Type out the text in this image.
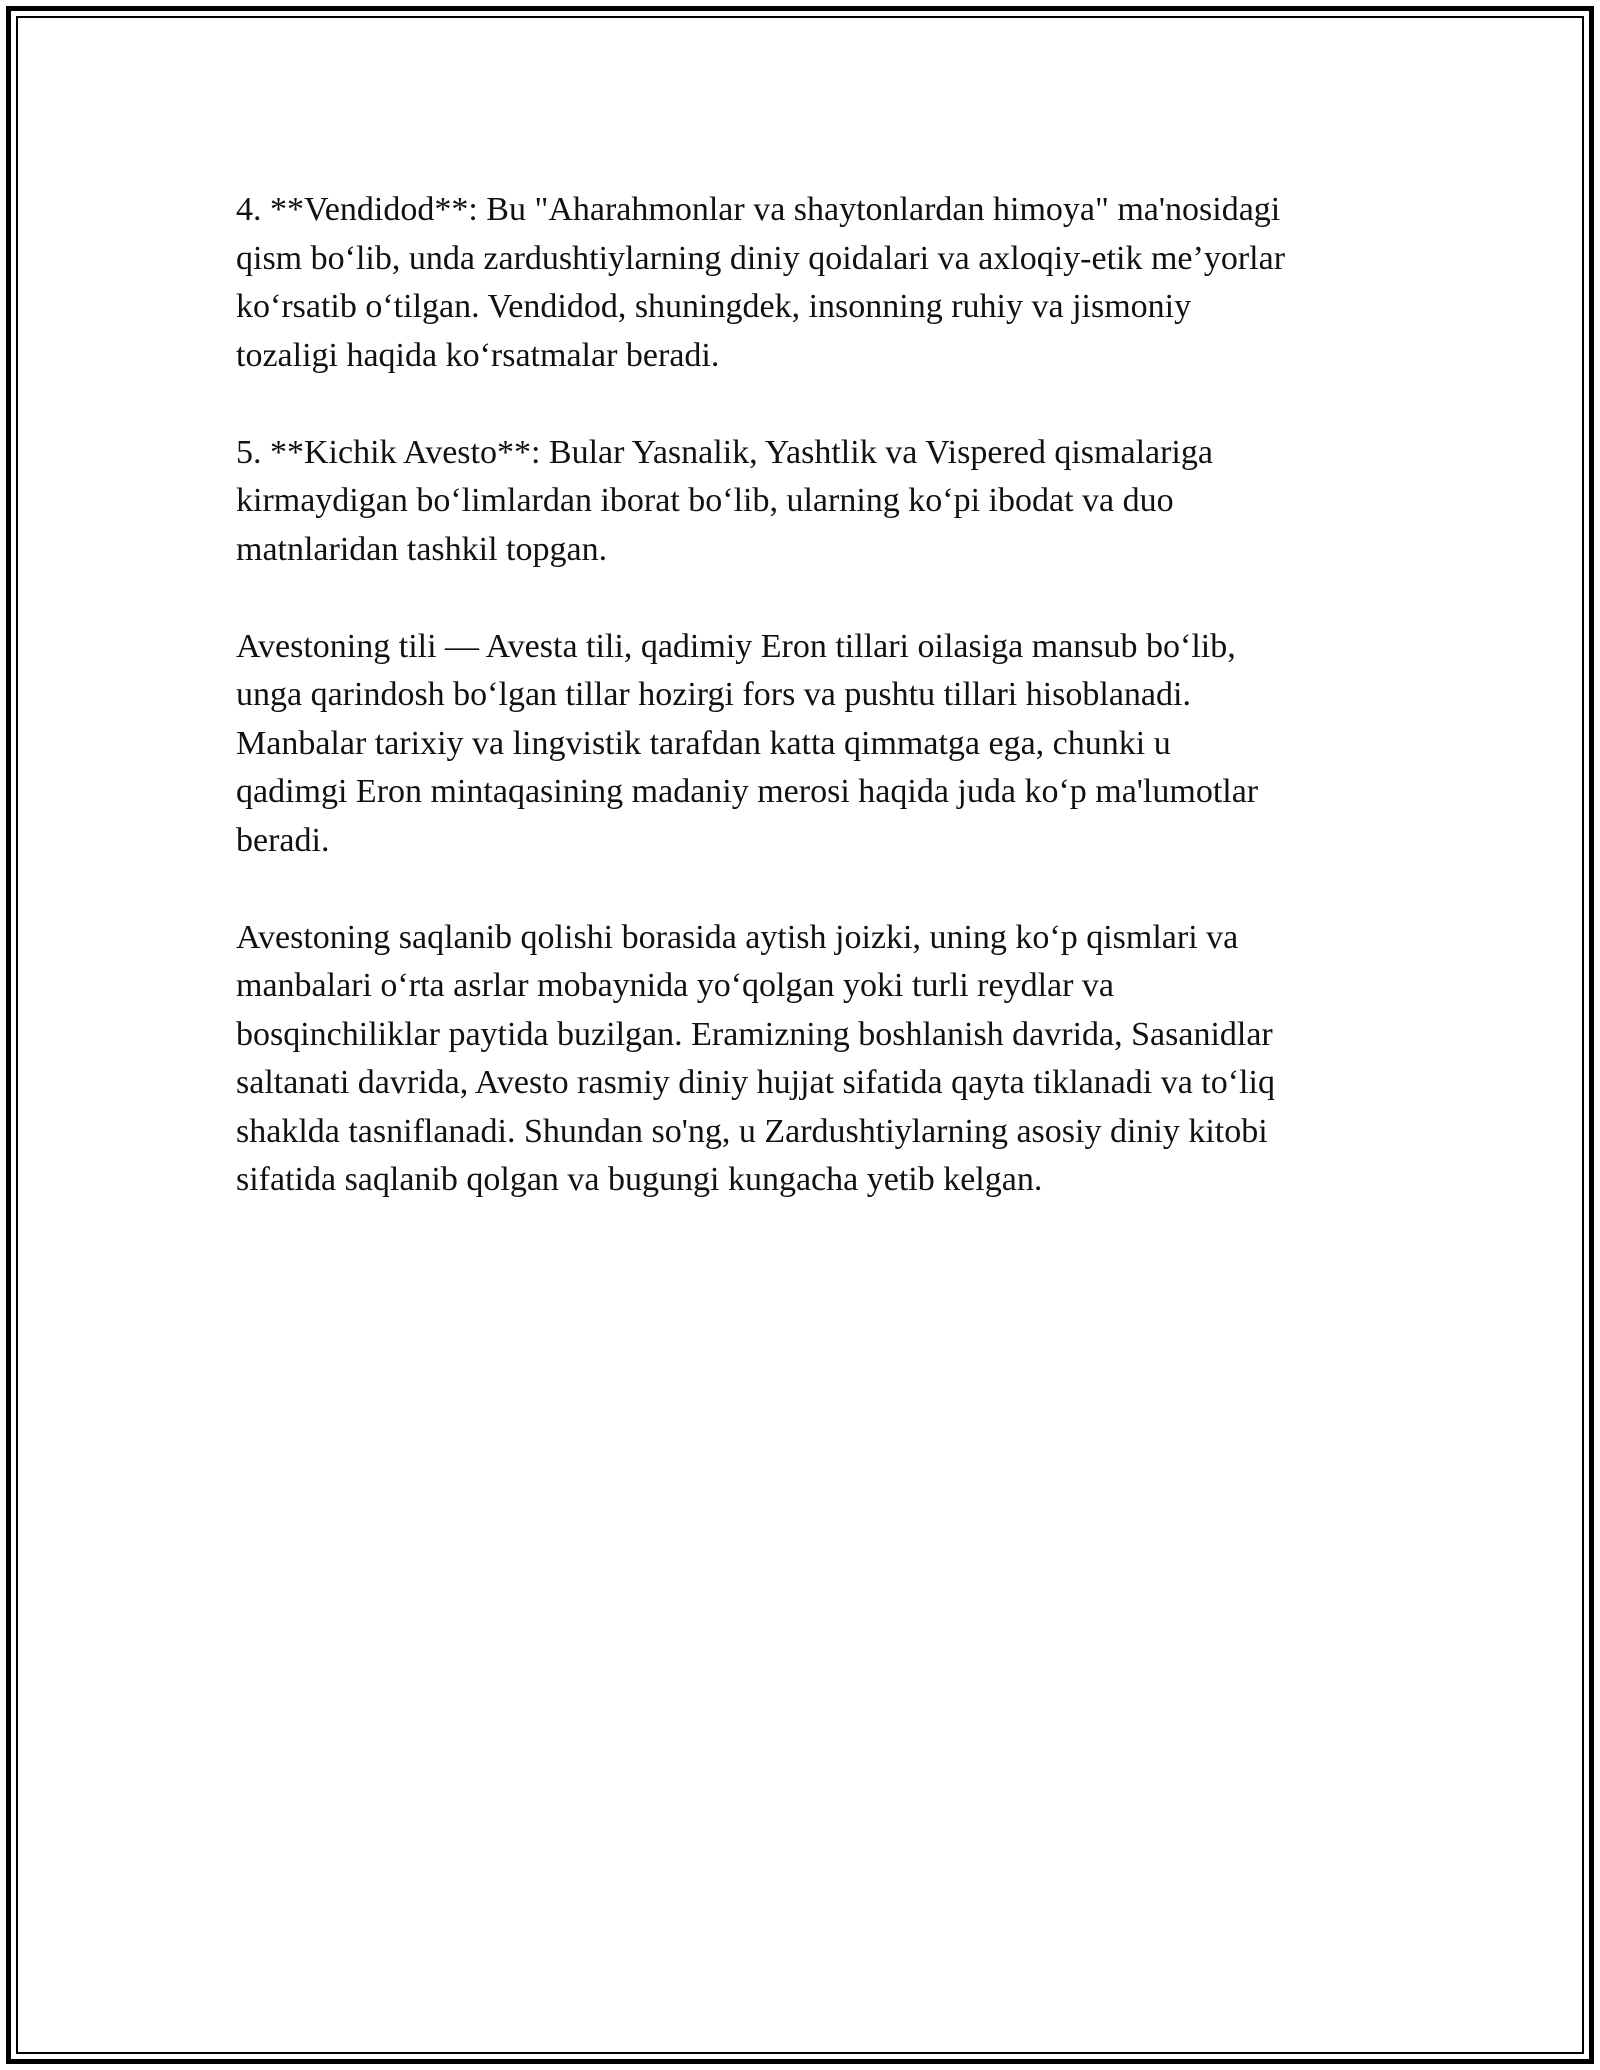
4. **Vendidod**: Bu "Aharahmonlar va shaytonlardan himoya" ma'nosidagi
qism bo‘lib, unda zardushtiylarning diniy qoidalari va axloqiy-etik me’yorlar
ko‘rsatib o‘tilgan. Vendidod, shuningdek, insonning ruhiy va jismoniy
tozaligi haqida ko‘rsatmalar beradi.

5. **Kichik Avesto**: Bular Yasnalik, Yashtlik va Vispered qismalariga
kirmaydigan bo‘limlardan iborat bo‘lib, ularning ko‘pi ibodat va duo
matnlaridan tashkil topgan.

Avestoning tili — Avesta tili, qadimiy Eron tillari oilasiga mansub bo‘lib,
unga qarindosh bo‘lgan tillar hozirgi fors va pushtu tillari hisoblanadi.
Manbalar tarixiy va lingvistik tarafdan katta qimmatga ega, chunki u
qadimgi Eron mintaqasining madaniy merosi haqida juda ko‘p ma'lumotlar
beradi.

Avestoning saqlanib qolishi borasida aytish joizki, uning ko‘p qismlari va
manbalari o‘rta asrlar mobaynida yo‘qolgan yoki turli reydlar va
bosqinchiliklar paytida buzilgan. Eramizning boshlanish davrida, Sasanidlar
saltanati davrida, Avesto rasmiy diniy hujjat sifatida qayta tiklanadi va to‘liq
shaklda tasniflanadi. Shundan so'ng, u Zardushtiylarning asosiy diniy kitobi
sifatida saqlanib qolgan va bugungi kungacha yetib kelgan.
